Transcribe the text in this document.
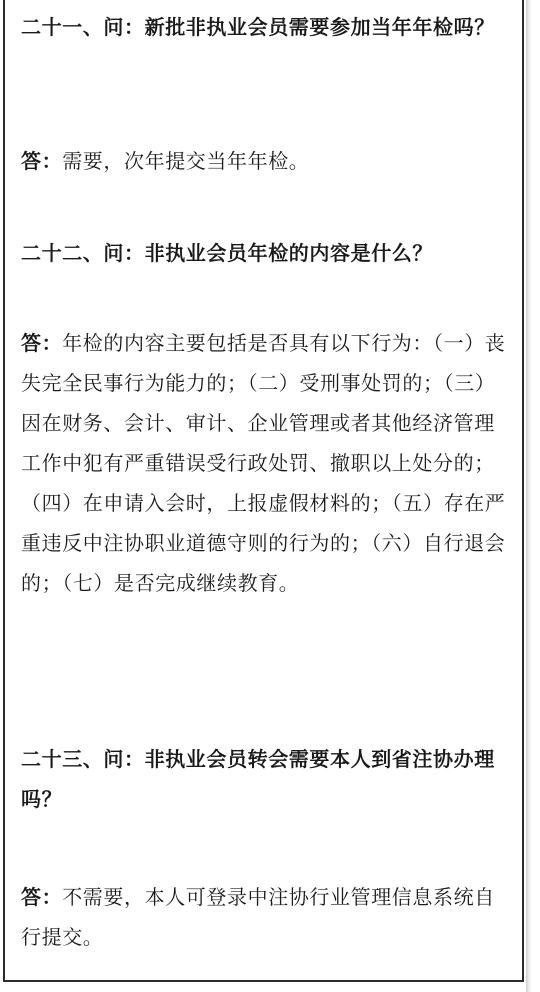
二十一、问：新批非执业会员需要参加当年年检吗？

答：需要，次年提交当年年检。

二十二、问：非执业会员年检的内容是什么？

答：年检的内容主要包括是否具有以下行为：（一）丧失完全民事行为能力的；（二）受刑事处罚的；（三）因在财务、会计、审计、企业管理或者其他经济管理工作中犯有严重错误受行政处罚、撤职以上处分的；（四）在申请入会时，上报虚假材料的；（五）存在严重违反中注协职业道德守则的行为的；（六）自行退会的；（七）是否完成继续教育。

二十三、问：非执业会员转会需要本人到省注协办理吗？

答：不需要，本人可登录中注协行业管理信息系统自行提交。
